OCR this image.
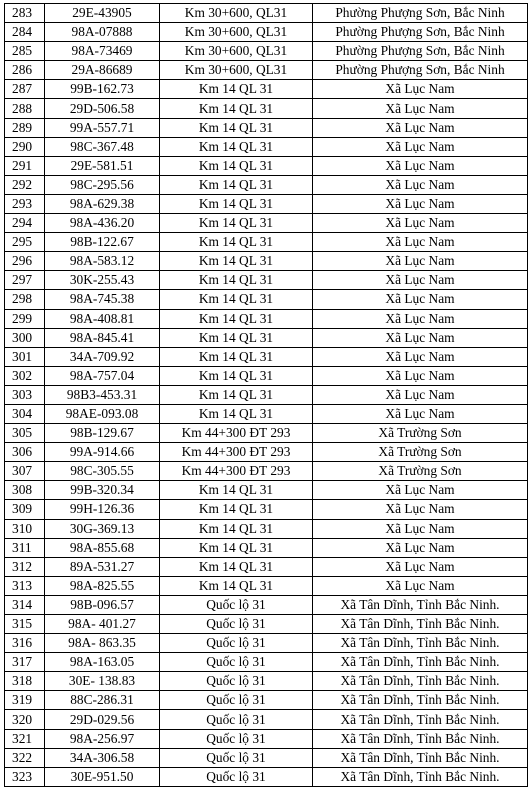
283	29E-43905	Km 30+600, QL31	Phường Phượng Sơn, Bắc Ninh
284	98A-07888	Km 30+600, QL31	Phường Phượng Sơn, Bắc Ninh
285	98A-73469	Km 30+600, QL31	Phường Phượng Sơn, Bắc Ninh
286	29A-86689	Km 30+600, QL31	Phường Phượng Sơn, Bắc Ninh
287	99B-162.73	Km 14 QL 31	Xã Lục Nam
288	29D-506.58	Km 14 QL 31	Xã Lục Nam
289	99A-557.71	Km 14 QL 31	Xã Lục Nam
290	98C-367.48	Km 14 QL 31	Xã Lục Nam
291	29E-581.51	Km 14 QL 31	Xã Lục Nam
292	98C-295.56	Km 14 QL 31	Xã Lục Nam
293	98A-629.38	Km 14 QL 31	Xã Lục Nam
294	98A-436.20	Km 14 QL 31	Xã Lục Nam
295	98B-122.67	Km 14 QL 31	Xã Lục Nam
296	98A-583.12	Km 14 QL 31	Xã Lục Nam
297	30K-255.43	Km 14 QL 31	Xã Lục Nam
298	98A-745.38	Km 14 QL 31	Xã Lục Nam
299	98A-408.81	Km 14 QL 31	Xã Lục Nam
300	98A-845.41	Km 14 QL 31	Xã Lục Nam
301	34A-709.92	Km 14 QL 31	Xã Lục Nam
302	98A-757.04	Km 14 QL 31	Xã Lục Nam
303	98B3-453.31	Km 14 QL 31	Xã Lục Nam
304	98AE-093.08	Km 14 QL 31	Xã Lục Nam
305	98B-129.67	Km 44+300 ĐT 293	Xã Trường Sơn
306	99A-914.66	Km 44+300 ĐT 293	Xã Trường Sơn
307	98C-305.55	Km 44+300 ĐT 293	Xã Trường Sơn
308	99B-320.34	Km 14 QL 31	Xã Lục Nam
309	99H-126.36	Km 14 QL 31	Xã Lục Nam
310	30G-369.13	Km 14 QL 31	Xã Lục Nam
311	98A-855.68	Km 14 QL 31	Xã Lục Nam
312	89A-531.27	Km 14 QL 31	Xã Lục Nam
313	98A-825.55	Km 14 QL 31	Xã Lục Nam
314	98B-096.57	Quốc lộ 31	Xã Tân Dĩnh, Tỉnh Bắc Ninh.
315	98A- 401.27	Quốc lộ 31	Xã Tân Dĩnh, Tỉnh Bắc Ninh.
316	98A- 863.35	Quốc lộ 31	Xã Tân Dĩnh, Tỉnh Bắc Ninh.
317	98A-163.05	Quốc lộ 31	Xã Tân Dĩnh, Tỉnh Bắc Ninh.
318	30E- 138.83	Quốc lộ 31	Xã Tân Dĩnh, Tỉnh Bắc Ninh.
319	88C-286.31	Quốc lộ 31	Xã Tân Dĩnh, Tỉnh Bắc Ninh.
320	29D-029.56	Quốc lộ 31	Xã Tân Dĩnh, Tỉnh Bắc Ninh.
321	98A-256.97	Quốc lộ 31	Xã Tân Dĩnh, Tỉnh Bắc Ninh.
322	34A-306.58	Quốc lộ 31	Xã Tân Dĩnh, Tỉnh Bắc Ninh.
323	30E-951.50	Quốc lộ 31	Xã Tân Dĩnh, Tỉnh Bắc Ninh.
